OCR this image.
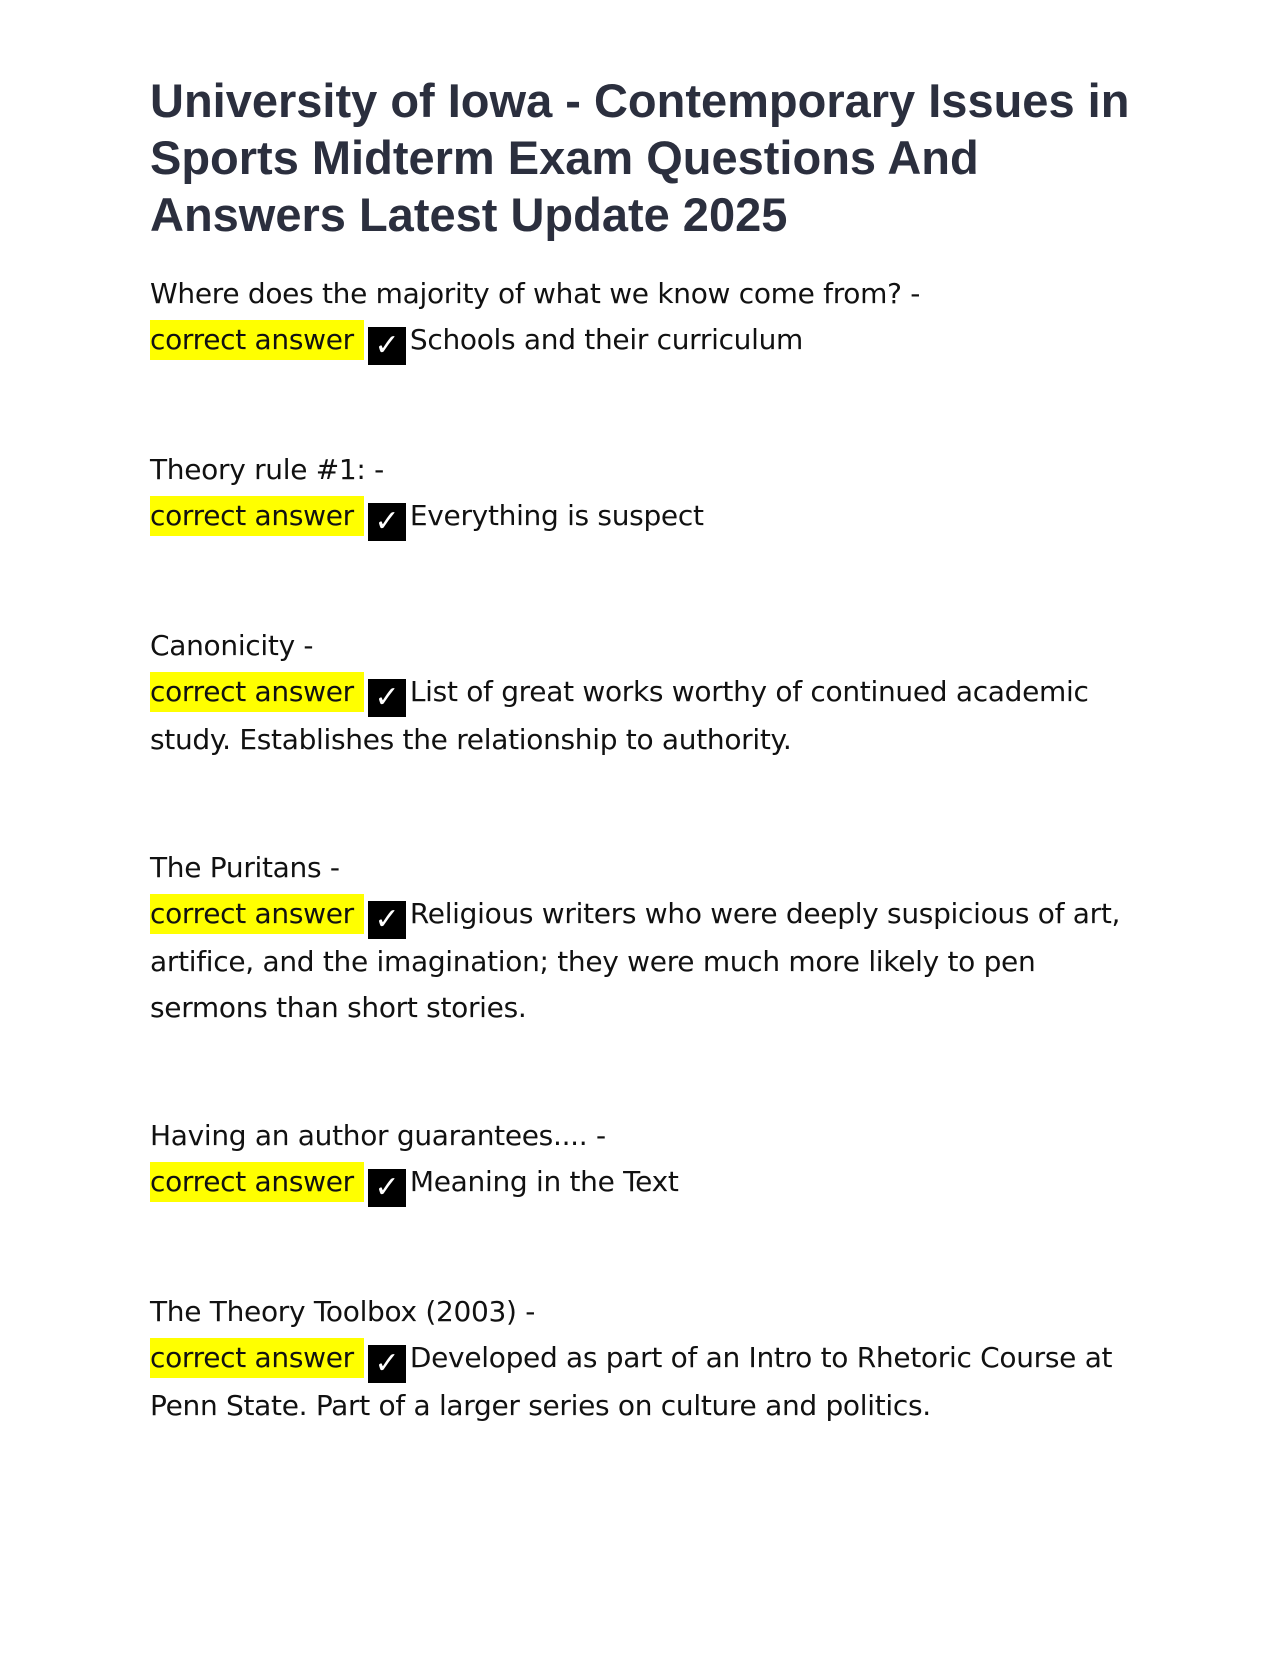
University of Iowa - Contemporary Issues in Sports Midterm Exam Questions And Answers Latest Update 2025
Where does the majority of what we know come from? -
correct answer ✓ Schools and their curriculum
Theory rule #1: -
correct answer ✓ Everything is suspect
Canonicity -
correct answer ✓ List of great works worthy of continued academic study. Establishes the relationship to authority.
The Puritans -
correct answer ✓ Religious writers who were deeply suspicious of art, artifice, and the imagination; they were much more likely to pen sermons than short stories.
Having an author guarantees.... -
correct answer ✓ Meaning in the Text
The Theory Toolbox (2003) -
correct answer ✓ Developed as part of an Intro to Rhetoric Course at Penn State. Part of a larger series on culture and politics.
